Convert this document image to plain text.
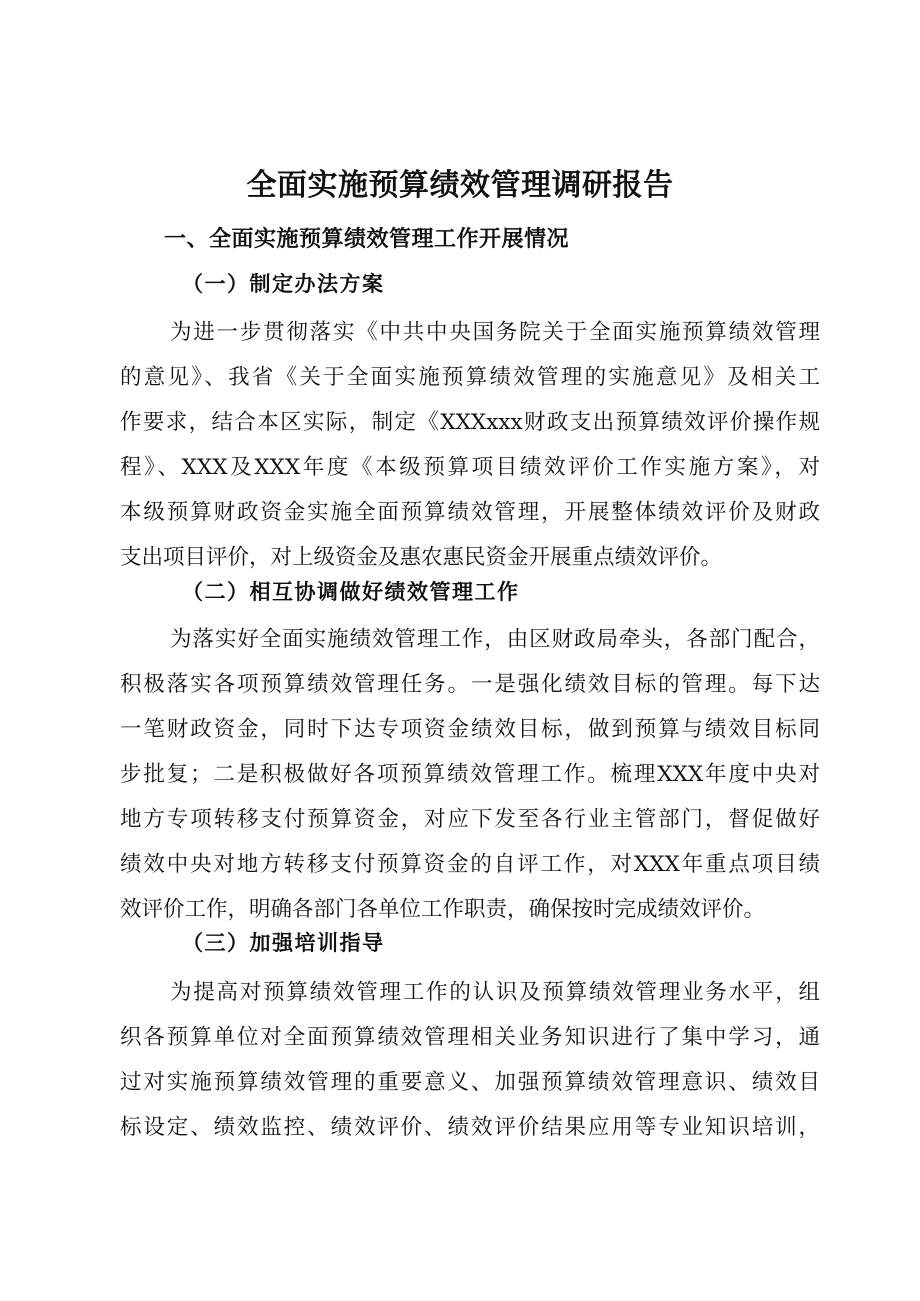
全面实施预算绩效管理调研报告
一、全面实施预算绩效管理工作开展情况
（一）制定办法方案
为进一步贯彻落实《中共中央国务院关于全面实施预算绩效管理
的意见》、我省《关于全面实施预算绩效管理的实施意见》及相关工
作要求，结合本区实际，制定《XXXxxx财政支出预算绩效评价操作规
程》、XXX及XXX年度《本级预算项目绩效评价工作实施方案》，对
本级预算财政资金实施全面预算绩效管理，开展整体绩效评价及财政
支出项目评价，对上级资金及惠农惠民资金开展重点绩效评价。
（二）相互协调做好绩效管理工作
为落实好全面实施绩效管理工作，由区财政局牵头，各部门配合，
积极落实各项预算绩效管理任务。一是强化绩效目标的管理。每下达
一笔财政资金，同时下达专项资金绩效目标，做到预算与绩效目标同
步批复；二是积极做好各项预算绩效管理工作。梳理XXX年度中央对
地方专项转移支付预算资金，对应下发至各行业主管部门，督促做好
绩效中央对地方转移支付预算资金的自评工作，对XXX年重点项目绩
效评价工作，明确各部门各单位工作职责，确保按时完成绩效评价。
（三）加强培训指导
为提高对预算绩效管理工作的认识及预算绩效管理业务水平，组
织各预算单位对全面预算绩效管理相关业务知识进行了集中学习，通
过对实施预算绩效管理的重要意义、加强预算绩效管理意识、绩效目
标设定、绩效监控、绩效评价、绩效评价结果应用等专业知识培训，
